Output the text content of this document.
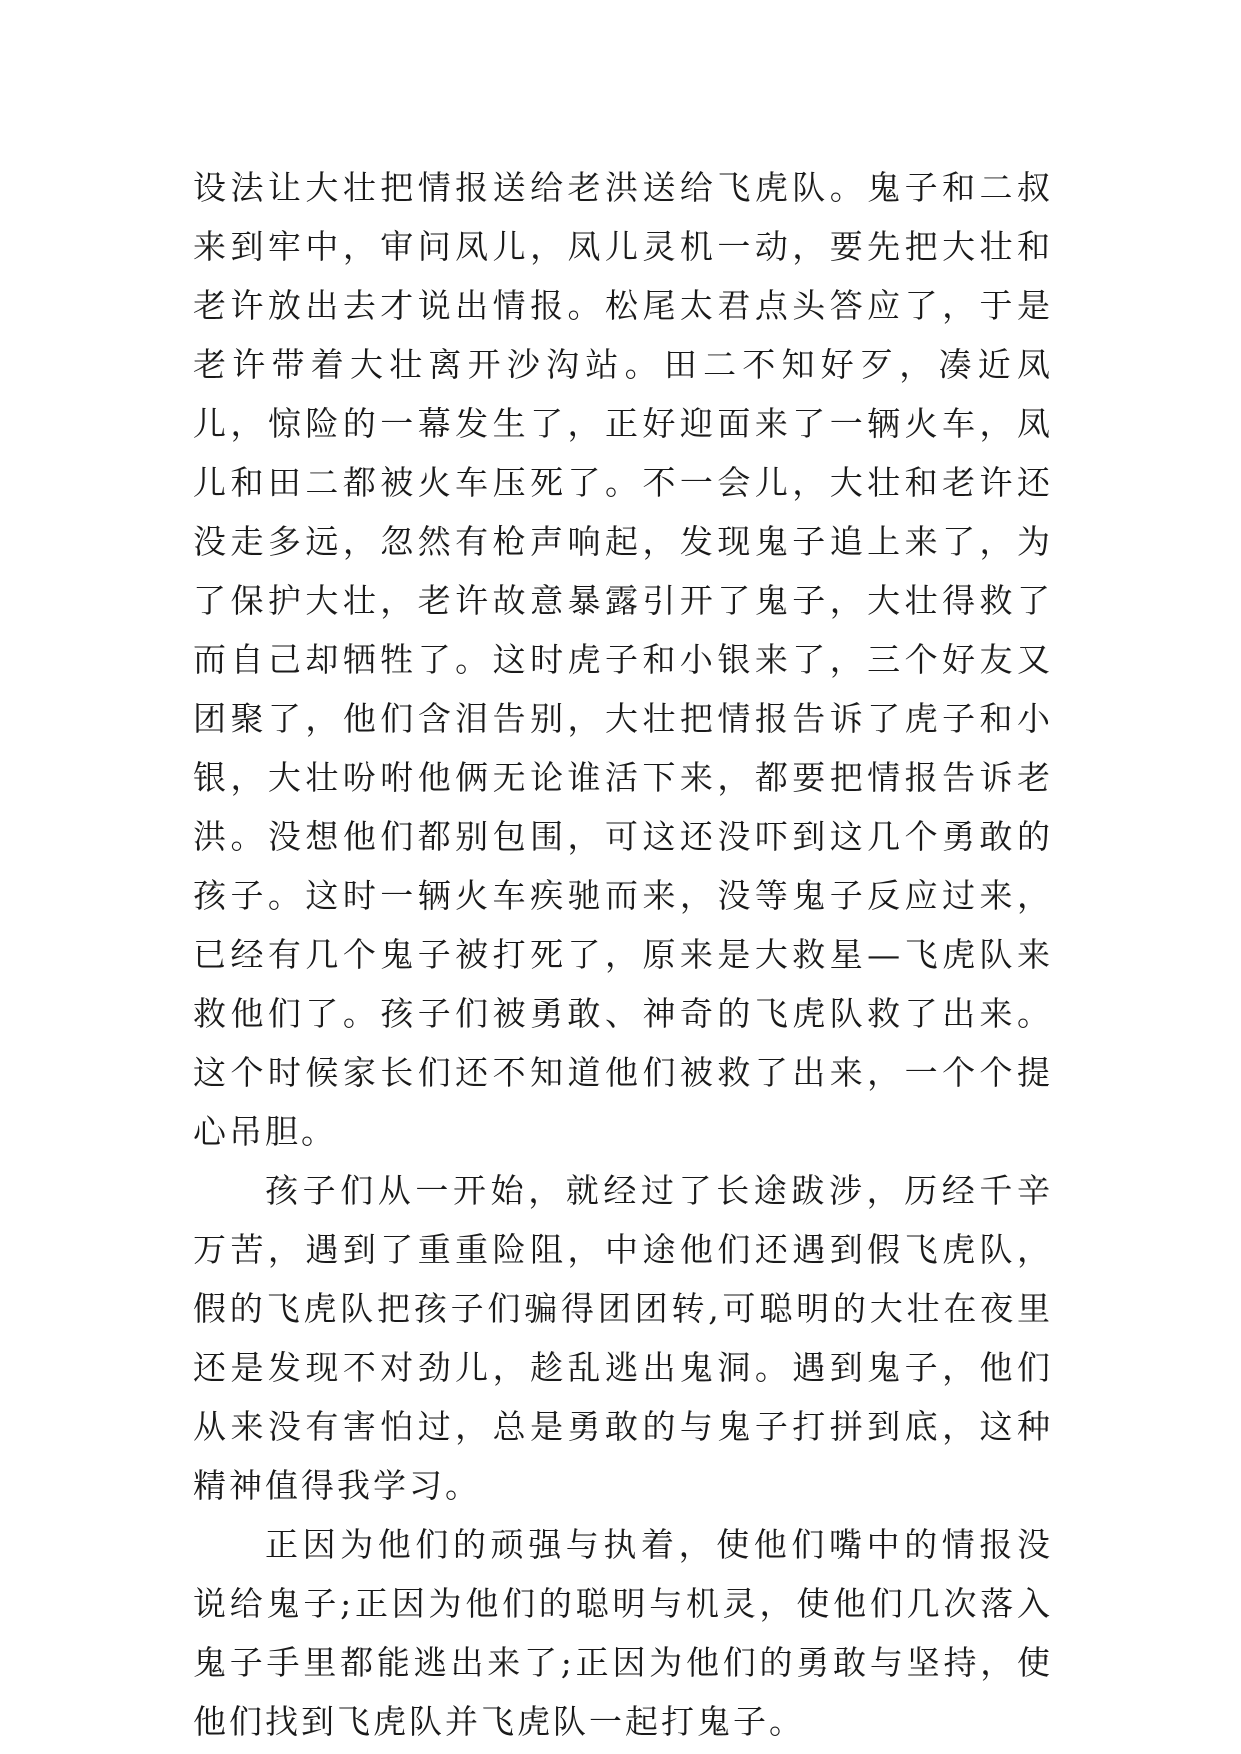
设法让大壮把情报送给老洪送给飞虎队。鬼子和二叔来到牢中，审问凤儿，凤儿灵机一动，要先把大壮和老许放出去才说出情报。松尾太君点头答应了，于是老许带着大壮离开沙沟站。田二不知好歹，凑近凤儿，惊险的一幕发生了，正好迎面来了一辆火车，凤儿和田二都被火车压死了。不一会儿，大壮和老许还没走多远，忽然有枪声响起，发现鬼子追上来了，为了保护大壮，老许故意暴露引开了鬼子，大壮得救了而自己却牺牲了。这时虎子和小银来了，三个好友又团聚了，他们含泪告别，大壮把情报告诉了虎子和小银，大壮吩咐他俩无论谁活下来，都要把情报告诉老洪。没想他们都别包围，可这还没吓到这几个勇敢的孩子。这时一辆火车疾驰而来，没等鬼子反应过来，已经有几个鬼子被打死了，原来是大救星—飞虎队来救他们了。孩子们被勇敢、神奇的飞虎队救了出来。这个时候家长们还不知道他们被救了出来，一个个提心吊胆。

孩子们从一开始，就经过了长途跋涉，历经千辛万苦，遇到了重重险阻，中途他们还遇到假飞虎队，假的飞虎队把孩子们骗得团团转,可聪明的大壮在夜里还是发现不对劲儿，趁乱逃出鬼洞。遇到鬼子，他们从来没有害怕过，总是勇敢的与鬼子打拼到底，这种精神值得我学习。

正因为他们的顽强与执着，使他们嘴中的情报没说给鬼子;正因为他们的聪明与机灵，使他们几次落入鬼子手里都能逃出来了;正因为他们的勇敢与坚持，使他们找到飞虎队并飞虎队一起打鬼子。
